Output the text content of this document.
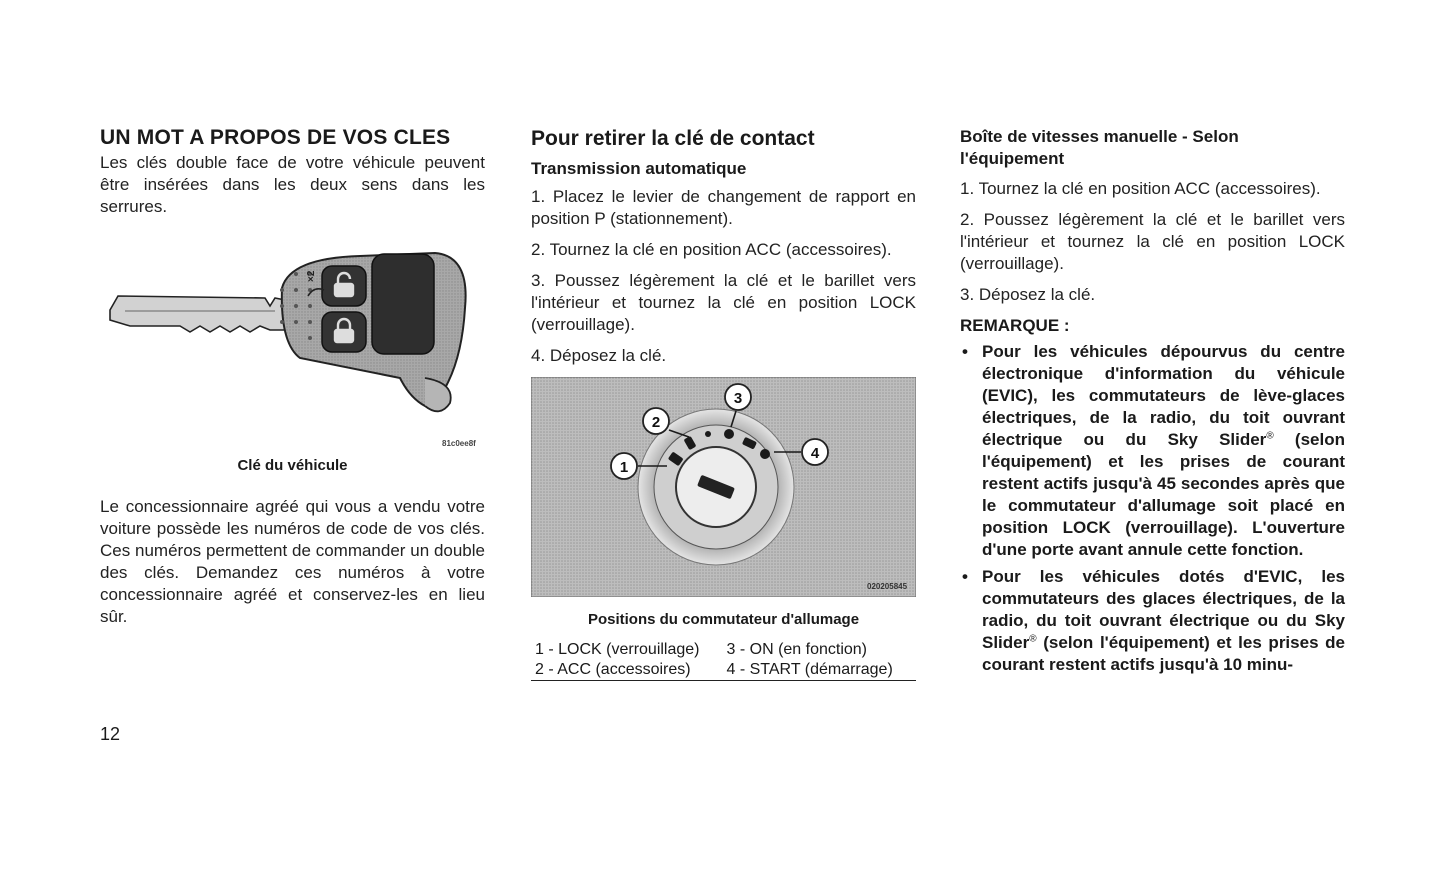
UN MOT A PROPOS DE VOS CLES

Les clés double face de votre véhicule peuvent être insérées dans les deux sens dans les serrures.

×2
81c0ee8f
Clé du véhicule

Le concessionnaire agréé qui vous a vendu votre voiture possède les numéros de code de vos clés. Ces numéros permettent de commander un double des clés. Demandez ces numéros à votre concessionnaire agréé et conservez-les en lieu sûr.

Pour retirer la clé de contact
Transmission automatique

1. Placez le levier de changement de rapport en position P (stationnement).

2. Tournez la clé en position ACC (accessoires).

3. Poussez légèrement la clé et le barillet vers l'intérieur et tournez la clé en position LOCK (verrouillage).

4. Déposez la clé.

1
2
3
4
020205845
Positions du commutateur d'allumage
1 - LOCK (verrouillage)	3 - ON (en fonction)
2 - ACC (accessoires)	4 - START (démarrage)
Boîte de vitesses manuelle - Selon l'équipement

1. Tournez la clé en position ACC (accessoires).

2. Poussez légèrement la clé et le barillet vers l'intérieur et tournez la clé en position LOCK (verrouillage).

3. Déposez la clé.

REMARQUE :
• Pour les véhicules dépourvus du centre électronique d'information du véhicule (EVIC), les commutateurs de lève-glaces électriques, de la radio, du toit ouvrant électrique ou du Sky Slider® (selon l'équipement) et les prises de courant restent actifs jusqu'à 45 secondes après que le commutateur d'allumage soit placé en position LOCK (verrouillage). L'ouverture d'une porte avant annule cette fonction.
• Pour les véhicules dotés d'EVIC, les commutateurs des glaces électriques, de la radio, du toit ouvrant électrique ou du Sky Slider® (selon l'équipement) et les prises de courant restent actifs jusqu'à 10 minu-
12
